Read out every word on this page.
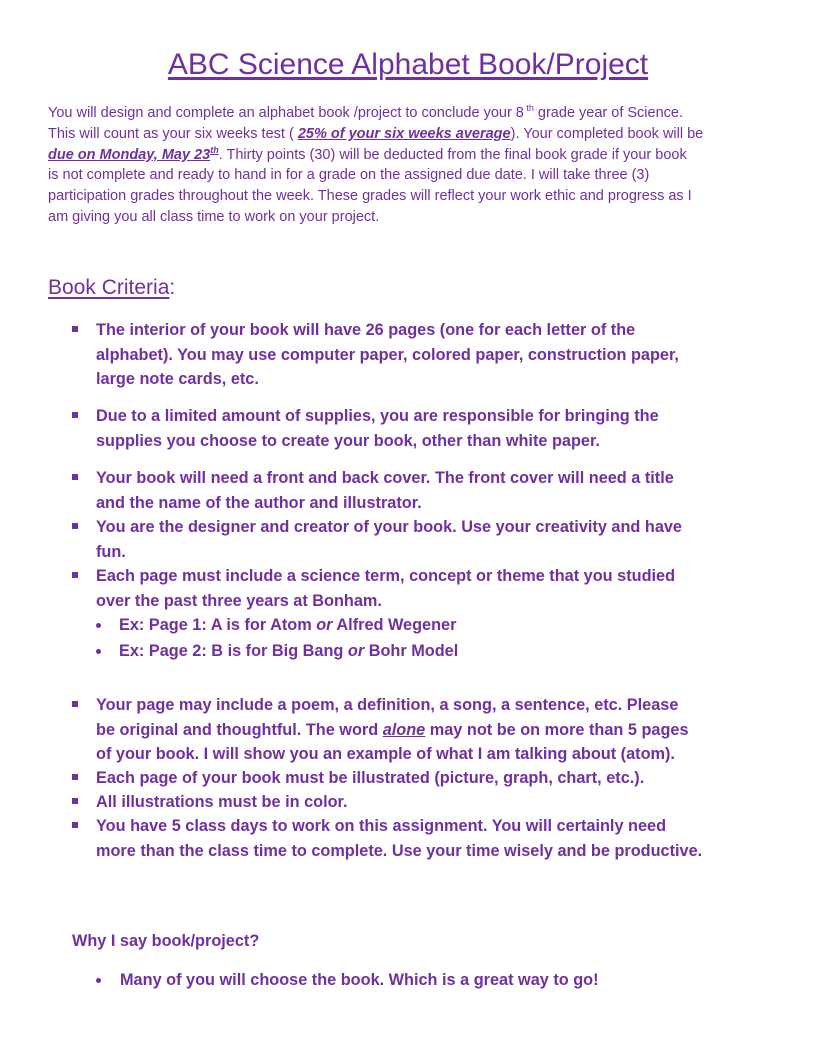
ABC Science Alphabet Book/Project
You will design and complete an alphabet book /project to conclude your 8 $^{th}$ grade year of Science.
This will count as your six weeks test ( 25% of your six weeks average). Your completed book will be
due on Monday, May 23th. Thirty points (30) will be deducted from the final book grade if your book
is not complete and ready to hand in for a grade on the assigned due date. I will take three (3)
participation grades throughout the week. These grades will reflect your work ethic and progress as I
am giving you all class time to work on your project.
Book Criteria:
The interior of your book will have 26 pages (one for each letter of the
alphabet). You may use computer paper, colored paper, construction paper,
large note cards, etc.
Due to a limited amount of supplies, you are responsible for bringing the
supplies you choose to create your book, other than white paper.
Your book will need a front and back cover. The front cover will need a title
and the name of the author and illustrator.
You are the designer and creator of your book. Use your creativity and have
fun.
Each page must include a science term, concept or theme that you studied
over the past three years at Bonham.
Your page may include a poem, a definition, a song, a sentence, etc. Please
be original and thoughtful. The word alone may not be on more than 5 pages
of your book. I will show you an example of what I am talking about (atom).
Each page of your book must be illustrated (picture, graph, chart, etc.).
All illustrations must be in color.
You have 5 class days to work on this assignment. You will certainly need
more than the class time to complete. Use your time wisely and be productive.
Ex: Page 1: A is for Atom or Alfred Wegener
Ex: Page 2: B is for Big Bang or Bohr Model
Why I say book/project?
Many of you will choose the book. Which is a great way to go!
